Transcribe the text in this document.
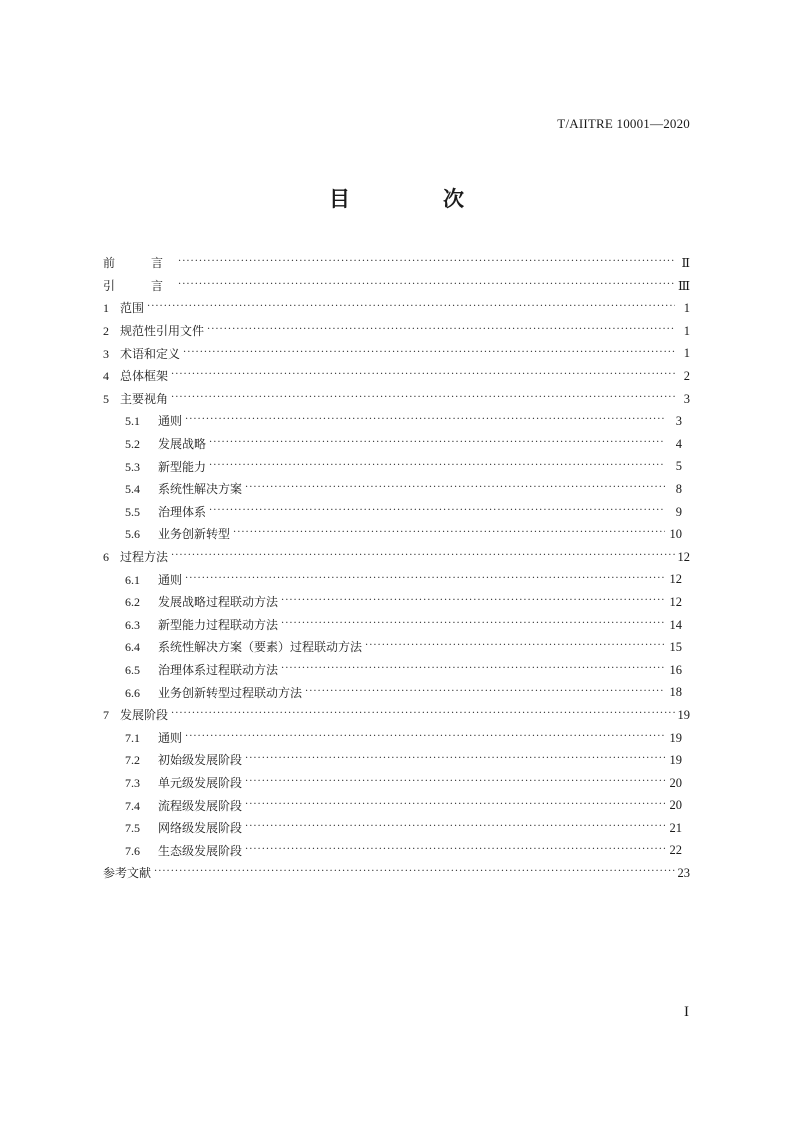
T/AIITRE 10001—2020
目　次
前　言 ·····	Ⅱ
引　言 ·····	Ⅲ
1 范围 ·····	1
2 规范性引用文件 ·····	1
3 术语和定义 ·····	1
4 总体框架 ·····	2
5 主要视角 ·····	3
5.1	通则 ·····	3
5.2	发展战略 ·····	4
5.3	新型能力 ·····	5
5.4	系统性解决方案 ·····	8
5.5	治理体系 ·····	9
5.6	业务创新转型 ·····	10
6 过程方法 ·····	12
6.1	通则 ·····	12
6.2	发展战略过程联动方法 ·····	12
6.3	新型能力过程联动方法 ·····	14
6.4	系统性解决方案（要素）过程联动方法 ·····	15
6.5	治理体系过程联动方法 ·····	16
6.6	业务创新转型过程联动方法 ·····	18
7 发展阶段 ·····	19
7.1	通则 ·····	19
7.2	初始级发展阶段 ·····	19
7.3	单元级发展阶段 ·····	20
7.4	流程级发展阶段 ·····	20
7.5	网络级发展阶段 ·····	21
7.6	生态级发展阶段 ·····	22
参考文献 ·····	23
I
